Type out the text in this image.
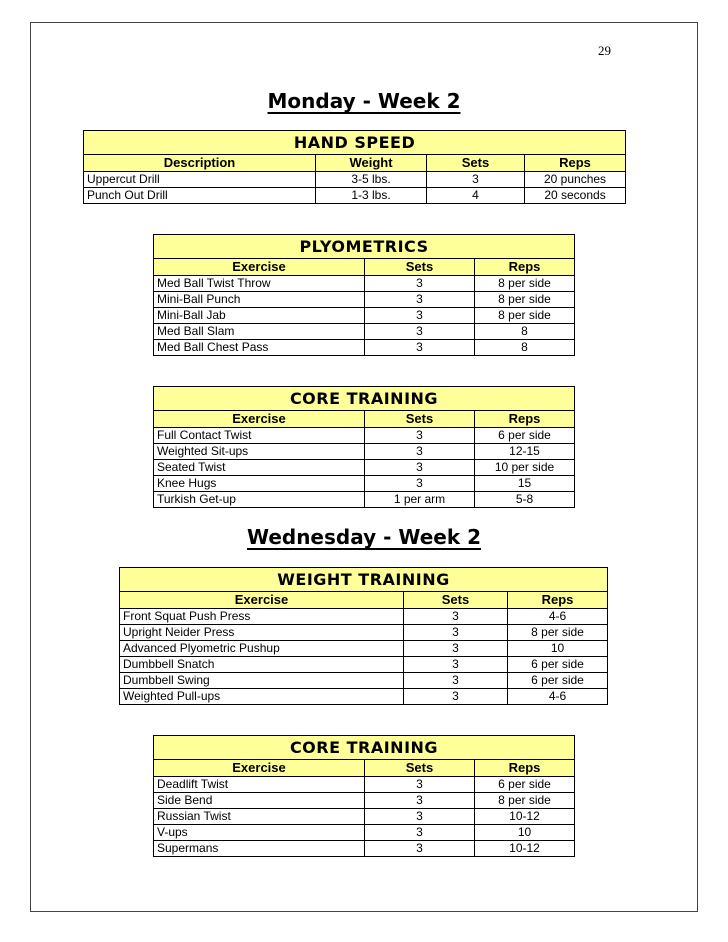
29
Monday - Week 2
HAND SPEED			
Description	Weight	Sets	Reps
Uppercut Drill	3-5 lbs.	3	20 punches
Punch Out Drill	1-3 lbs.	4	20 seconds
PLYOMETRICS		
Exercise	Sets	Reps
Med Ball Twist Throw	3	8 per side
Mini-Ball Punch	3	8 per side
Mini-Ball Jab	3	8 per side
Med Ball Slam	3	8
Med Ball Chest Pass	3	8
CORE TRAINING		
Exercise	Sets	Reps
Full Contact Twist	3	6 per side
Weighted Sit-ups	3	12-15
Seated Twist	3	10 per side
Knee Hugs	3	15
Turkish Get-up	1 per arm	5-8
Wednesday - Week 2
WEIGHT TRAINING		
Exercise	Sets	Reps
Front Squat Push Press	3	4-6
Upright Neider Press	3	8 per side
Advanced Plyometric Pushup	3	10
Dumbbell Snatch	3	6 per side
Dumbbell Swing	3	6 per side
Weighted Pull-ups	3	4-6
CORE TRAINING		
Exercise	Sets	Reps
Deadlift Twist	3	6 per side
Side Bend	3	8 per side
Russian Twist	3	10-12
V-ups	3	10
Supermans	3	10-12
